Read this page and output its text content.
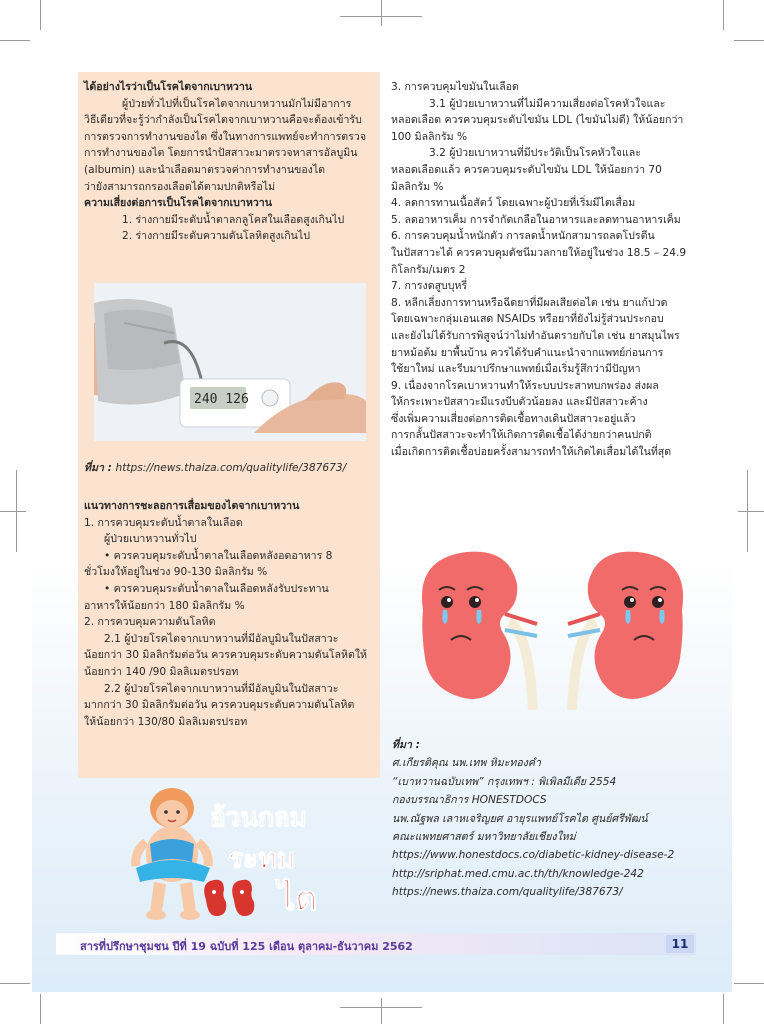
ได้อย่างไรว่าเป็นโรคไตจากเบาหวาน

ผู้ป่วยทั่วไปที่เป็นโรคไตจากเบาหวานมักไม่มีอาการ

วิธีเดียวที่จะรู้ว่ากำลังเป็นโรคไตจากเบาหวานคือจะต้องเข้ารับ

การตรวจการทำงานของไต ซึ่งในทางการแพทย์จะทำการตรวจ

การทำงานของไต โดยการนำปัสสาวะมาตรวจหาสารอัลบูมิน

(albumin) และนำเลือดมาตรวจค่าการทำงานของไต

ว่ายังสามารถกรองเลือดได้ตามปกติหรือไม่

ความเสี่ยงต่อการเป็นโรคไตจากเบาหวาน

1. ร่างกายมีระดับน้ำตาลกลูโคสในเลือดสูงเกินไป

2. ร่างกายมีระดับความดันโลหิตสูงเกินไป

240 126
ที่มา : https://news.thaiza.com/qualitylife/387673/

แนวทางการชะลอการเสื่อมของไตจากเบาหวาน

1. การควบคุมระดับน้ำตาลในเลือด

ผู้ป่วยเบาหวานทั่วไป

• ควรควบคุมระดับน้ำตาลในเลือดหลังอดอาหาร 8

ชั่วโมงให้อยู่ในช่วง 90-130 มิลลิกรัม %

• ควรควบคุมระดับน้ำตาลในเลือดหลังรับประทาน

อาหารให้น้อยกว่า 180 มิลลิกรัม %

2. การควบคุมความดันโลหิต

2.1 ผู้ป่วยโรคไตจากเบาหวานที่มีอัลบูมินในปัสสาวะ

น้อยกว่า 30 มิลลิกรัมต่อวัน ควรควบคุมระดับความดันโลหิตให้

น้อยกว่า 140 /90 มิลลิเมตรปรอท

2.2 ผู้ป่วยโรคไตจากเบาหวานที่มีอัลบูมินในปัสสาวะ

มากกว่า 30 มิลลิกรัมต่อวัน ควรควบคุมระดับความดันโลหิต

ให้น้อยกว่า 130/80 มิลลิเมตรปรอท

อ้วนกลม
ระทม
ไต

3. การควบคุมไขมันในเลือด

3.1 ผู้ป่วยเบาหวานที่ไม่มีความเสี่ยงต่อโรคหัวใจและ

หลอดเลือด ควรควบคุมระดับไขมัน LDL (ไขมันไม่ดี) ให้น้อยกว่า

100 มิลลิกรัม %

3.2 ผู้ป่วยเบาหวานที่มีประวัติเป็นโรคหัวใจและ

หลอดเลือดแล้ว ควรควบคุมระดับไขมัน LDL ให้น้อยกว่า 70

มิลลิกรัม %

4. ลดการทานเนื้อสัตว์ โดยเฉพาะผู้ป่วยที่เริ่มมีไตเสื่อม

5. ลดอาหารเค็ม การจำกัดเกลือในอาหารและลดทานอาหารเค็ม

6. การควบคุมน้ำหนักตัว การลดน้ำหนักสามารถลดโปรตีน

ในปัสสาวะได้ ควรควบคุมดัชนีมวลกายให้อยู่ในช่วง 18.5 – 24.9

กิโลกรัม/เมตร 2

7. การงดสูบบุหรี่

8. หลีกเลี่ยงการทานหรือฉีดยาที่มีผลเสียต่อไต เช่น ยาแก้ปวด

โดยเฉพาะกลุ่มเอนเสด NSAIDs หรือยาที่ยังไม่รู้ส่วนประกอบ

และยังไม่ได้รับการพิสูจน์ว่าไม่ทำอันตรายกับไต เช่น ยาสมุนไพร

ยาหม้อต้ม ยาพื้นบ้าน ควรได้รับคำแนะนำจากแพทย์ก่อนการ

ใช้ยาใหม่ และรีบมาปรึกษาแพทย์เมื่อเริ่มรู้สึกว่ามีปัญหา

9. เนื่องจากโรคเบาหวานทำให้ระบบประสาทบกพร่อง ส่งผล

ให้กระเพาะปัสสาวะมีแรงบีบตัวน้อยลง และมีปัสสาวะค้าง

ซึ่งเพิ่มความเสี่ยงต่อการติดเชื้อทางเดินปัสสาวะอยู่แล้ว

การกลั้นปัสสาวะจะทำให้เกิดการติดเชื้อได้ง่ายกว่าคนปกติ

เมื่อเกิดการติดเชื้อบ่อยครั้งสามารถทำให้เกิดไตเสื่อมได้ในที่สุด

ที่มา :

ศ.เกียรติคุณ นพ.เทพ หิมะทองคำ

“เบาหวานฉบับเทพ” กรุงเทพฯ : พิเพิลมีเดีย 2554

กองบรรณาธิการ HONESTDOCS

นพ.ณัฐพล เลาหเจริญยศ อายุรแพทย์โรคไต ศูนย์ศรีพัฒน์

คณะแพทยศาสตร์ มหาวิทยาลัยเชียงใหม่

https://www.honestdocs.co/diabetic-kidney-disease-2

http://sriphat.med.cmu.ac.th/th/knowledge-242

https://news.thaiza.com/qualitylife/387673/

สารที่ปรึกษาชุมชน ปีที่ 19 ฉบับที่ 125 เดือน ตุลาคม-ธันวาคม 2562	11
